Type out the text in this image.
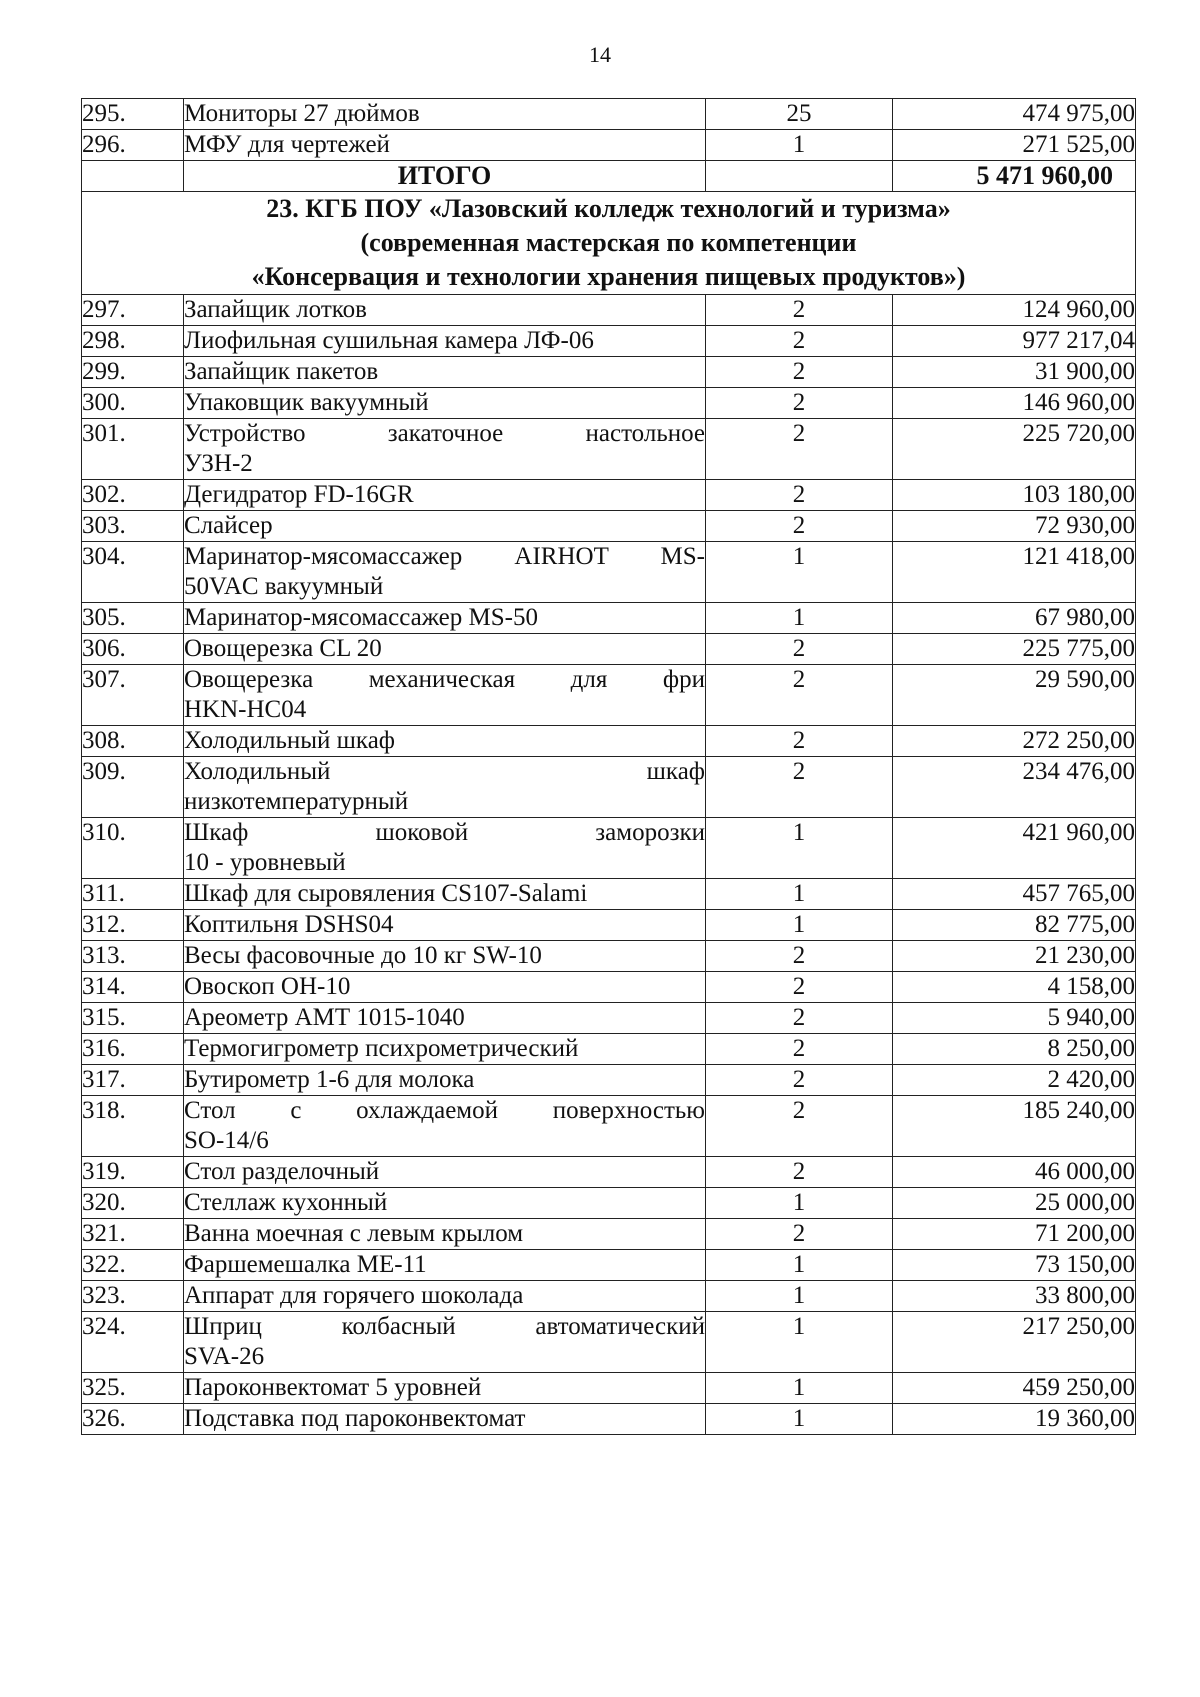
14
295.	Мониторы 27 дюймов	25	474 975,00
296.	МФУ для чертежей	1	271 525,00
	ИТОГО		5 471 960,00

23. КГБ ПОУ «Лазовский колледж технологий и туризма»
(современная мастерская по компетенции
«Консервация и технологии хранения пищевых продуктов»)			

297.	Запайщик лотков	2	124 960,00
298.	Лиофильная сушильная камера ЛФ-06	2	977 217,04
299.	Запайщик пакетов	2	31 900,00
300.	Упаковщик вакуумный	2	146 960,00
301.	Устройство закаточное настольное
УЗН-2	2	225 720,00
302.	Дегидратор FD-16GR	2	103 180,00
303.	Слайсер	2	72 930,00
304.	Маринатор-мясомассажер AIRHOT MS-
50VAC вакуумный	1	121 418,00
305.	Маринатор-мясомассажер MS-50	1	67 980,00
306.	Овощерезка CL 20	2	225 775,00
307.	Овощерезка механическая для фри
HKN-HC04	2	29 590,00
308.	Холодильный шкаф	2	272 250,00
309.	Холодильный шкаф
низкотемпературный	2	234 476,00
310.	Шкаф шоковой заморозки
10 - уровневый	1	421 960,00
311.	Шкаф для сыровяления CS107-Salami	1	457 765,00
312.	Коптильня DSHS04	1	82 775,00
313.	Весы фасовочные до 10 кг SW-10	2	21 230,00
314.	Овоскоп ОН-10	2	4 158,00
315.	Ареометр АМТ 1015-1040	2	5 940,00
316.	Термогигрометр психрометрический	2	8 250,00
317.	Бутирометр 1-6 для молока	2	2 420,00
318.	Стол с охлаждаемой поверхностью
SO-14/6	2	185 240,00
319.	Стол разделочный	2	46 000,00
320.	Стеллаж кухонный	1	25 000,00
321.	Ванна моечная с левым крылом	2	71 200,00
322.	Фаршемешалка МЕ-11	1	73 150,00
323.	Аппарат для горячего шоколада	1	33 800,00
324.	Шприц колбасный автоматический
SVA-26	1	217 250,00
325.	Пароконвектомат 5 уровней	1	459 250,00
326.	Подставка под пароконвектомат	1	19 360,00
